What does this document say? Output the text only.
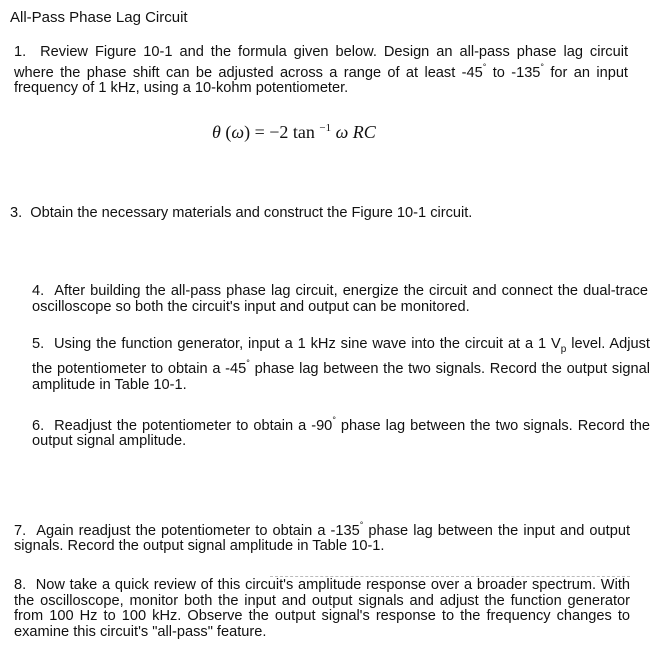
All-Pass Phase Lag Circuit

1. Review Figure 10-1 and the formula given below. Design an all-pass phase lag circuit where the phase shift can be adjusted across a range of at least -45° to -135° for an input frequency of 1 kHz, using a 10-kohm potentiometer.

θ (ω) = −2 tan $^{-1}$ ω RC

3. Obtain the necessary materials and construct the Figure 10-1 circuit.

4. After building the all-pass phase lag circuit, energize the circuit and connect the dual-trace oscilloscope so both the circuit's input and output can be monitored.

5. Using the function generator, input a 1 kHz sine wave into the circuit at a 1 $V_p$ level. Adjust the potentiometer to obtain a -45° phase lag between the two signals. Record the output signal amplitude in Table 10-1.

6. Readjust the potentiometer to obtain a -90° phase lag between the two signals. Record the output signal amplitude.

7. Again readjust the potentiometer to obtain a -135° phase lag between the input and output signals. Record the output signal amplitude in Table 10-1.

8. Now take a quick review of this circuit's amplitude response over a broader spectrum. With the oscilloscope, monitor both the input and output signals and adjust the function generator from 100 Hz to 100 kHz. Observe the output signal's response to the frequency changes to examine this circuit's "all-pass" feature.
